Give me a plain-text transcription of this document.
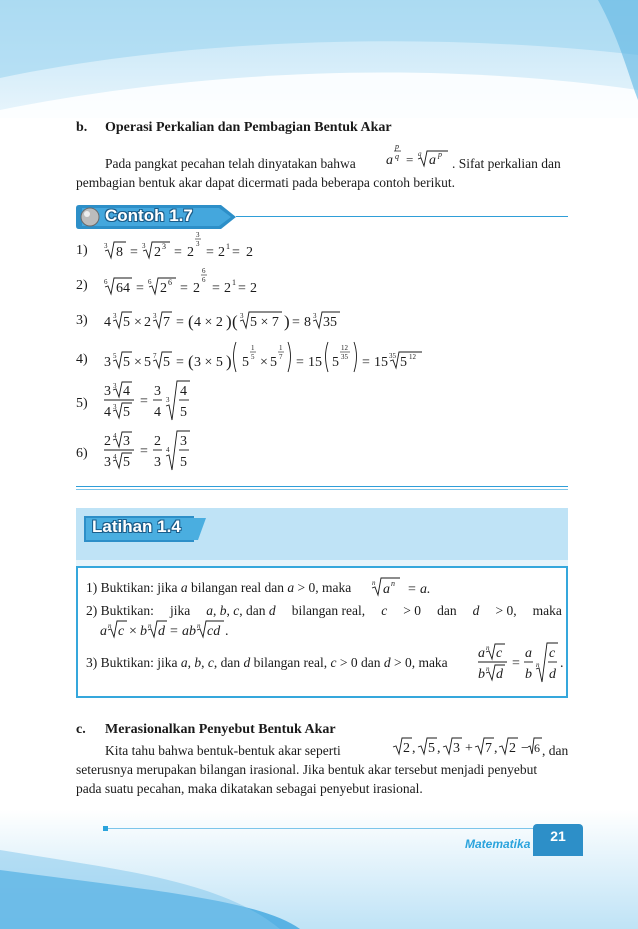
b. Operasi Perkalian dan Pembagian Bentuk Akar
Pada pangkat pecahan telah dinyatakan bahwa a
p
q = q a p
. Sifat perkalian dan
pembagian bentuk akar dapat dicermati pada beberapa contoh berikut.
Contoh 1.7
1)
2)
3)
4)
5)
6)
3 8 = 3 2 3 = 2
3
3
= 2 1 = 2
6 64 = 6 2 6 = 2
6
6
= 2 1 = 2
4 3 5 × 2 3 7 = ( 4 × 2 ) ( 3 5 × 7 ) = 8 3 35
3 5 5 × 5 7 5 = ( 3 × 5 ) 5
1
5 × 5
1
7 = 15 5
12
35 = 15 35 5 12
3 3 4
4 3 5
=
3
4
3
4
5
2 4 3
3 4 5
=
2
3
4
3
5
Latihan 1.4
1) Buktikan: jika a bilangan real dan a > 0, maka	n a n = a.
2) Buktikan: jika a, b, c, dan d bilangan real, c > 0 dan d > 0, maka
a n c × b n d = ab n cd .
3) Buktikan: jika a, b, c, dan d bilangan real, c > 0 dan d > 0, maka
a n c
b n d
=
a
b
n
c
d
.
c. Merasionalkan Penyebut Bentuk Akar
Kita tahu bahwa bentuk-bentuk akar seperti	2 , 5 , 3 + 7 , 2 − 6 , dan
seterusnya merupakan bilangan irasional. Jika bentuk akar tersebut menjadi penyebut
pada suatu pecahan, maka dikatakan sebagai penyebut irasional.
Matematika	21
